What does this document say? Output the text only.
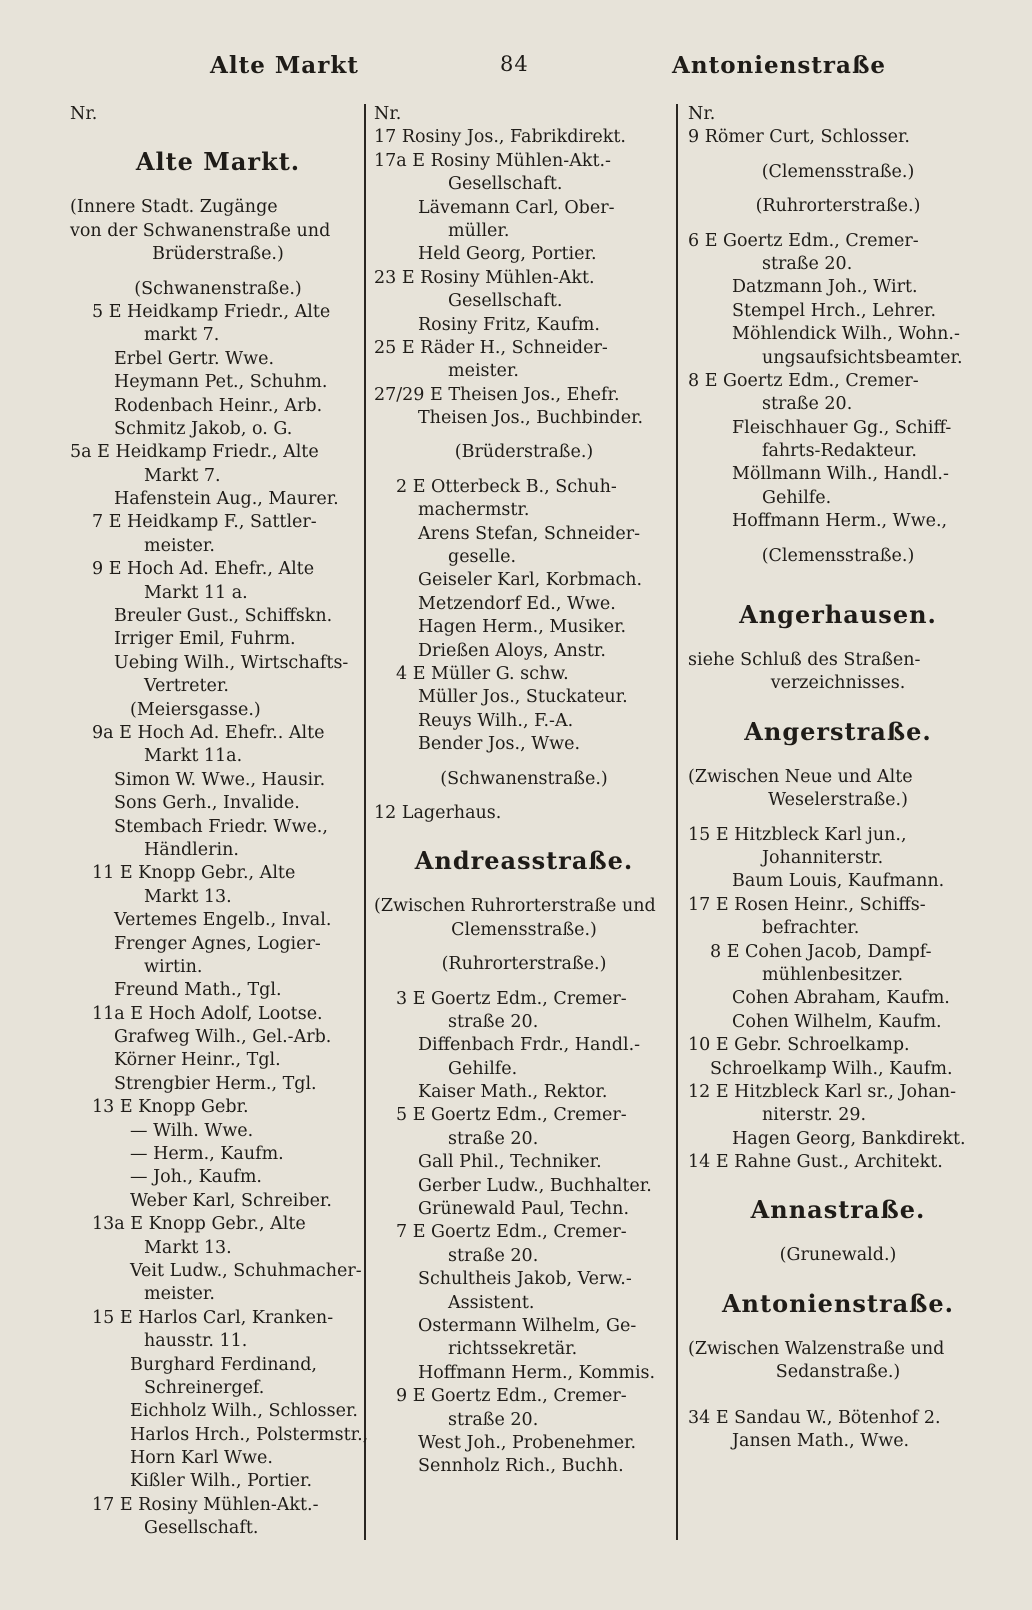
Alte Markt	84	Antonienstraße
Nr.
Alte Markt.
(Innere Stadt. Zugänge
von der Schwanenstraße und
Brüderstraße.)
(Schwanenstraße.)
5 E Heidkamp Friedr., Alte
markt 7.
Erbel Gertr. Wwe.
Heymann Pet., Schuhm.
Rodenbach Heinr., Arb.
Schmitz Jakob, o. G.
5a E Heidkamp Friedr., Alte
Markt 7.
Hafenstein Aug., Maurer.
7 E Heidkamp F., Sattler-
meister.
9 E Hoch Ad. Ehefr., Alte
Markt 11 a.
Breuler Gust., Schiffskn.
Irriger Emil, Fuhrm.
Uebing Wilh., Wirtschafts-
Vertreter.
(Meiersgasse.)
9a E Hoch Ad. Ehefr.. Alte
Markt 11a.
Simon W. Wwe., Hausir.
Sons Gerh., Invalide.
Stembach Friedr. Wwe.,
Händlerin.
11 E Knopp Gebr., Alte
Markt 13.
Vertemes Engelb., Inval.
Frenger Agnes, Logier-
wirtin.
Freund Math., Tgl.
11a E Hoch Adolf, Lootse.
Grafweg Wilh., Gel.-Arb.
Körner Heinr., Tgl.
Strengbier Herm., Tgl.
13 E Knopp Gebr.
— Wilh. Wwe.
— Herm., Kaufm.
— Joh., Kaufm.
Weber Karl, Schreiber.
13a E Knopp Gebr., Alte
Markt 13.
Veit Ludw., Schuhmacher-
meister.
15 E Harlos Carl, Kranken-
hausstr. 11.
Burghard Ferdinand,
Schreinergef.
Eichholz Wilh., Schlosser.
Harlos Hrch., Polstermstr.,
Horn Karl Wwe.
Kißler Wilh., Portier.
17 E Rosiny Mühlen-Akt.-
Gesellschaft.
Nr.
17 Rosiny Jos., Fabrikdirekt.
17a E Rosiny Mühlen-Akt.-
Gesellschaft.
Lävemann Carl, Ober-
müller.
Held Georg, Portier.
23 E Rosiny Mühlen-Akt.
Gesellschaft.
Rosiny Fritz, Kaufm.
25 E Räder H., Schneider-
meister.
27/29 E Theisen Jos., Ehefr.
Theisen Jos., Buchbinder.
(Brüderstraße.)
2 E Otterbeck B., Schuh-
machermstr.
Arens Stefan, Schneider-
geselle.
Geiseler Karl, Korbmach.
Metzendorf Ed., Wwe.
Hagen Herm., Musiker.
Drießen Aloys, Anstr.
4 E Müller G. schw.
Müller Jos., Stuckateur.
Reuys Wilh., F.-A.
Bender Jos., Wwe.
(Schwanenstraße.)
12 Lagerhaus.
Andreasstraße.
(Zwischen Ruhrorterstraße und
Clemensstraße.)
(Ruhrorterstraße.)
3 E Goertz Edm., Cremer-
straße 20.
Diffenbach Frdr., Handl.-
Gehilfe.
Kaiser Math., Rektor.
5 E Goertz Edm., Cremer-
straße 20.
Gall Phil., Techniker.
Gerber Ludw., Buchhalter.
Grünewald Paul, Techn.
7 E Goertz Edm., Cremer-
straße 20.
Schultheis Jakob, Verw.-
Assistent.
Ostermann Wilhelm, Ge-
richtssekretär.
Hoffmann Herm., Kommis.
9 E Goertz Edm., Cremer-
straße 20.
West Joh., Probenehmer.
Sennholz Rich., Buchh.
Nr.
9 Römer Curt, Schlosser.
(Clemensstraße.)
(Ruhrorterstraße.)
6 E Goertz Edm., Cremer-
straße 20.
Datzmann Joh., Wirt.
Stempel Hrch., Lehrer.
Möhlendick Wilh., Wohn.-
ungsaufsichtsbeamter.
8 E Goertz Edm., Cremer-
straße 20.
Fleischhauer Gg., Schiff-
fahrts-Redakteur.
Möllmann Wilh., Handl.-
Gehilfe.
Hoffmann Herm., Wwe.,
(Clemensstraße.)
Angerhausen.
siehe Schluß des Straßen-
verzeichnisses.
Angerstraße.
(Zwischen Neue und Alte
Weselerstraße.)
15 E Hitzbleck Karl jun.,
Johanniterstr.
Baum Louis, Kaufmann.
17 E Rosen Heinr., Schiffs-
befrachter.
8 E Cohen Jacob, Dampf-
mühlenbesitzer.
Cohen Abraham, Kaufm.
Cohen Wilhelm, Kaufm.
10 E Gebr. Schroelkamp.
Schroelkamp Wilh., Kaufm.
12 E Hitzbleck Karl sr., Johan-
niterstr. 29.
Hagen Georg, Bankdirekt.
14 E Rahne Gust., Architekt.
Annastraße.
(Grunewald.)
Antonienstraße.
(Zwischen Walzenstraße und
Sedanstraße.)
34 E Sandau W., Bötenhof 2.
Jansen Math., Wwe.
